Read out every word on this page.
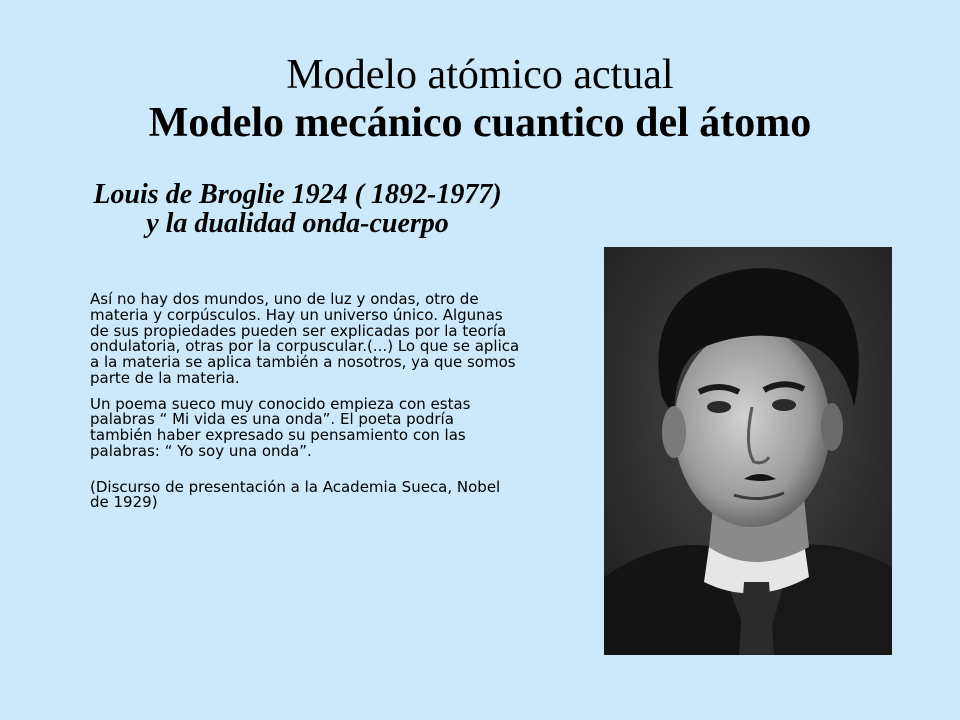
Modelo atómico actual
Modelo mecánico cuantico del átomo
Louis de Broglie 1924 ( 1892-1977) y la dualidad onda-cuerpo

Así no hay dos mundos, uno de luz y ondas, otro de materia y corpúsculos. Hay un universo único. Algunas de sus propiedades pueden ser explicadas por la teoría ondulatoria, otras por la corpuscular.(...) Lo que se aplica a la materia se aplica también a nosotros, ya que somos parte de la materia.

Un poema sueco muy conocido empieza con estas palabras “ Mi vida es una onda”. El poeta podría también haber expresado su pensamiento con las palabras: “ Yo soy una onda”.

(Discurso de presentación a la Academia Sueca, Nobel de 1929)
